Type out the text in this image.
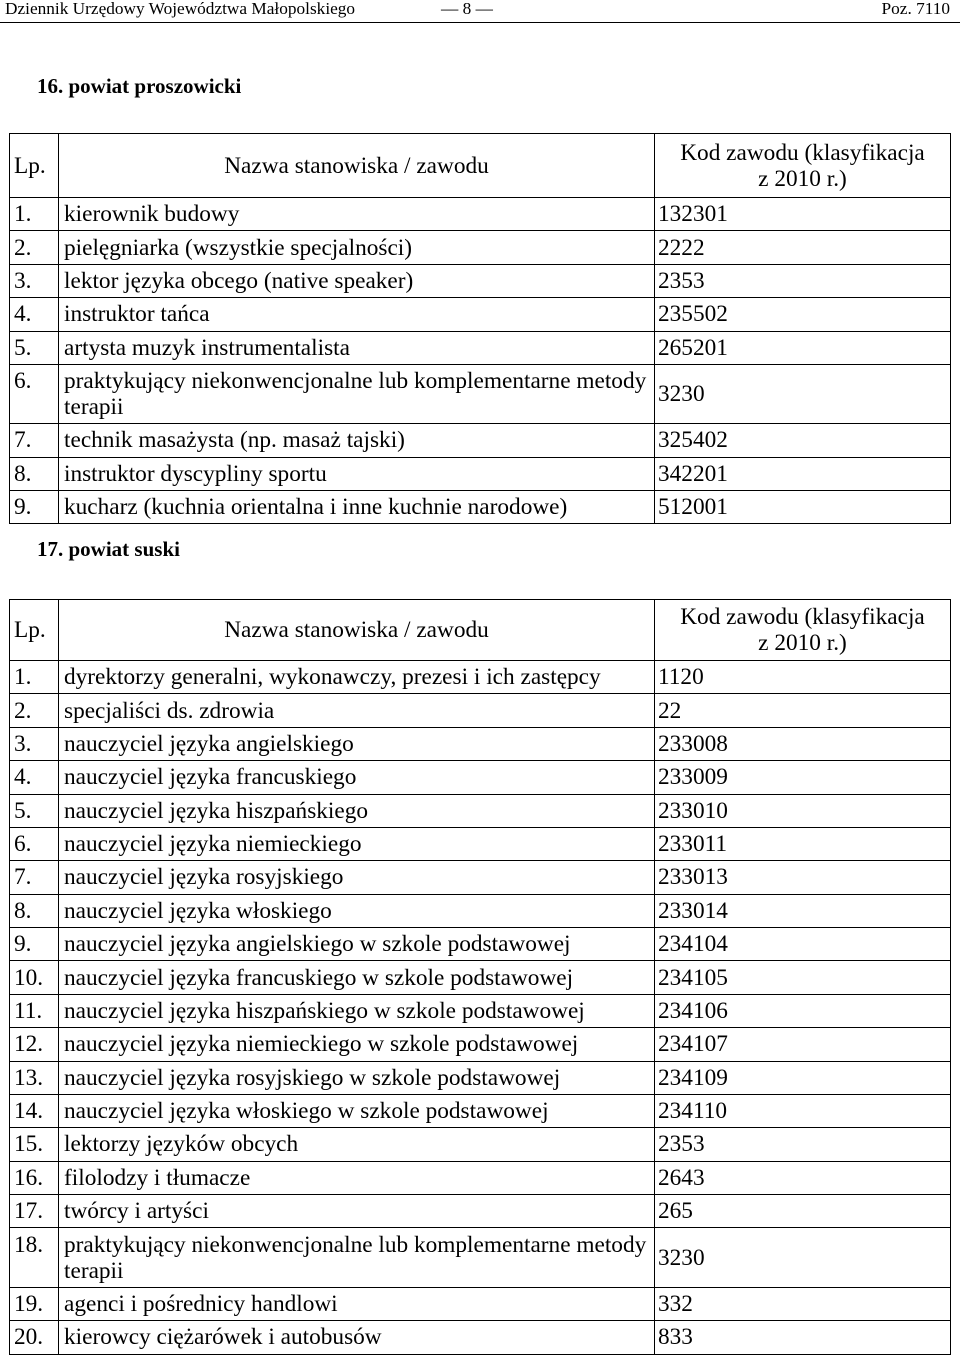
Dziennik Urzędowy Województwa Małopolskiego	— 8 —	Poz. 7110
16. powiat proszowicki
Lp.	Nazwa stanowiska / zawodu	Kod zawodu (klasyfikacja
z 2010 r.)
1.	kierownik budowy	132301
2.	pielęgniarka (wszystkie specjalności)	2222
3.	lektor języka obcego (native speaker)	2353
4.	instruktor tańca	235502
5.	artysta muzyk instrumentalista	265201
6.	praktykujący niekonwencjonalne lub komplementarne metody terapii	3230
7.	technik masażysta (np. masaż tajski)	325402
8.	instruktor dyscypliny sportu	342201
9.	kucharz (kuchnia orientalna i inne kuchnie narodowe)	512001
17. powiat suski
Lp.	Nazwa stanowiska / zawodu	Kod zawodu (klasyfikacja
z 2010 r.)
1.	dyrektorzy generalni, wykonawczy, prezesi i ich zastępcy	1120
2.	specjaliści ds. zdrowia	22
3.	nauczyciel języka angielskiego	233008
4.	nauczyciel języka francuskiego	233009
5.	nauczyciel języka hiszpańskiego	233010
6.	nauczyciel języka niemieckiego	233011
7.	nauczyciel języka rosyjskiego	233013
8.	nauczyciel języka włoskiego	233014
9.	nauczyciel języka angielskiego w szkole podstawowej	234104
10. nauczyciel języka francuskiego w szkole podstawowej	234105
11. nauczyciel języka hiszpańskiego w szkole podstawowej	234106
12. nauczyciel języka niemieckiego w szkole podstawowej	234107
13. nauczyciel języka rosyjskiego w szkole podstawowej	234109
14. nauczyciel języka włoskiego w szkole podstawowej	234110
15. lektorzy języków obcych	2353
16. filolodzy i tłumacze	2643
17. twórcy i artyści	265
18. praktykujący niekonwencjonalne lub komplementarne metody terapii	3230
19. agenci i pośrednicy handlowi	332
20. kierowcy ciężarówek i autobusów	833
